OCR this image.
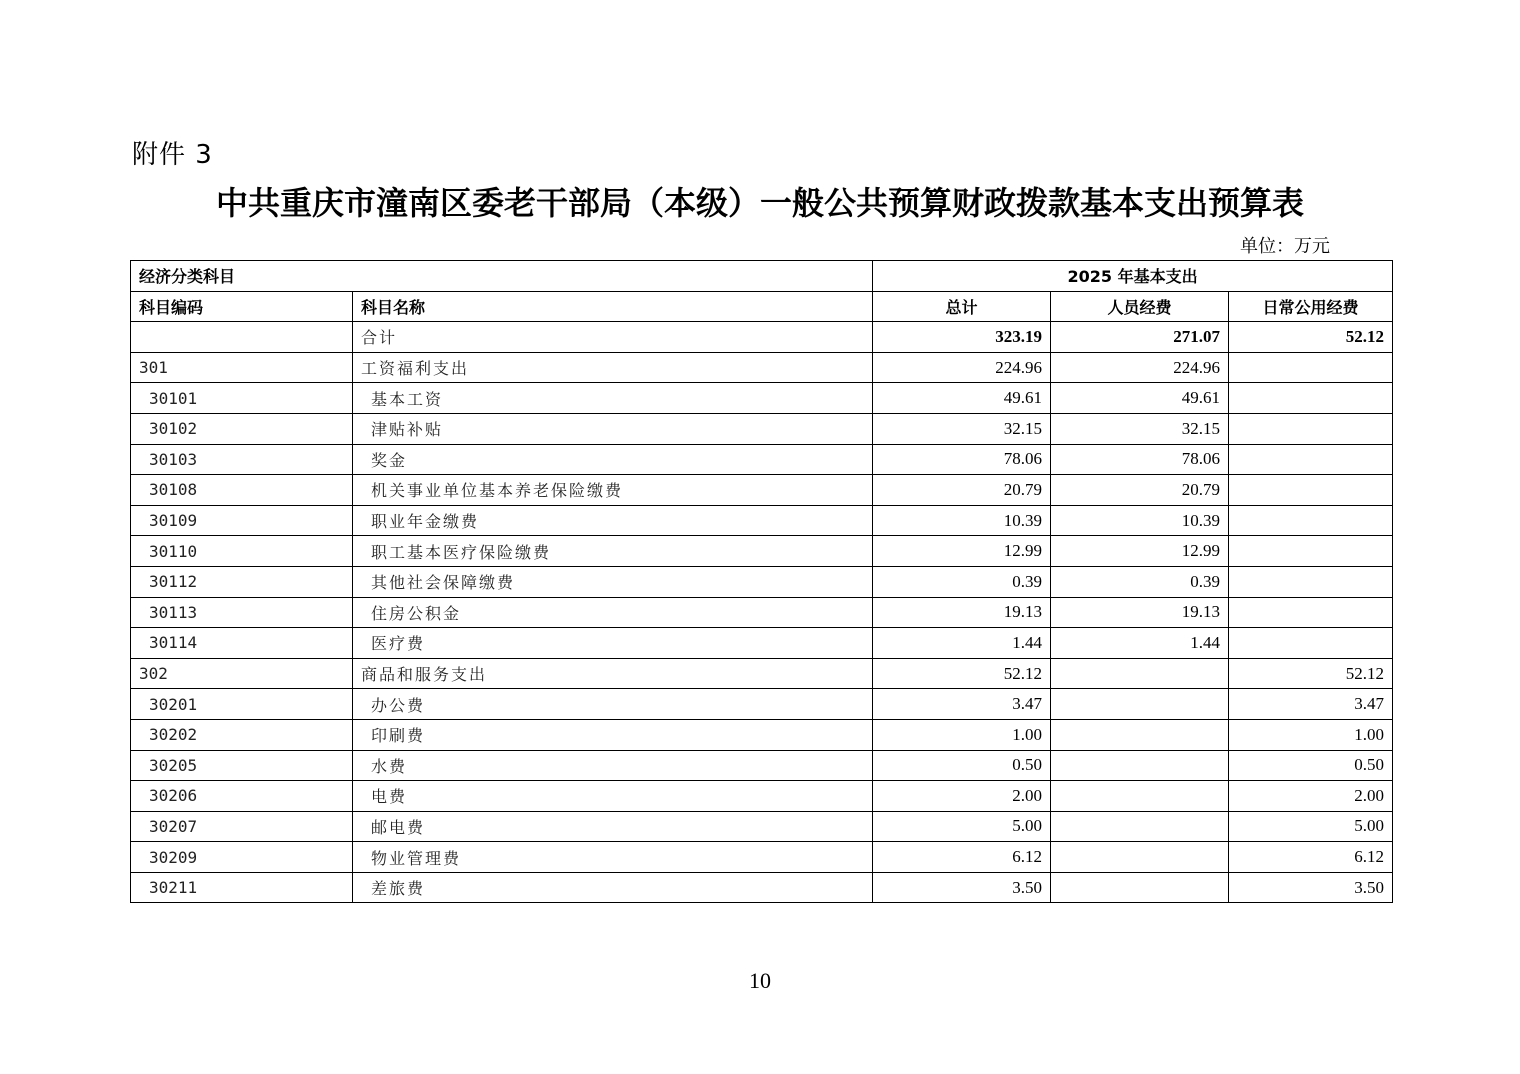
附件 3
中共重庆市潼南区委老干部局（本级）一般公共预算财政拨款基本支出预算表
单位：万元
经济分类科目		2025 年基本支出		
科目编码	科目名称	总计	人员经费	日常公用经费
	合计	323.19	271.07	52.12
301	工资福利支出	224.96	224.96	
30101	基本工资	49.61	49.61	
30102	津贴补贴	32.15	32.15	
30103	奖金	78.06	78.06	
30108	机关事业单位基本养老保险缴费	20.79	20.79	
30109	职业年金缴费	10.39	10.39	
30110	职工基本医疗保险缴费	12.99	12.99	
30112	其他社会保障缴费	0.39	0.39	
30113	住房公积金	19.13	19.13	
30114	医疗费	1.44	1.44	
302	商品和服务支出	52.12		52.12
30201	办公费	3.47		3.47
30202	印刷费	1.00		1.00
30205	水费	0.50		0.50
30206	电费	2.00		2.00
30207	邮电费	5.00		5.00
30209	物业管理费	6.12		6.12
30211	差旅费	3.50		3.50
10
